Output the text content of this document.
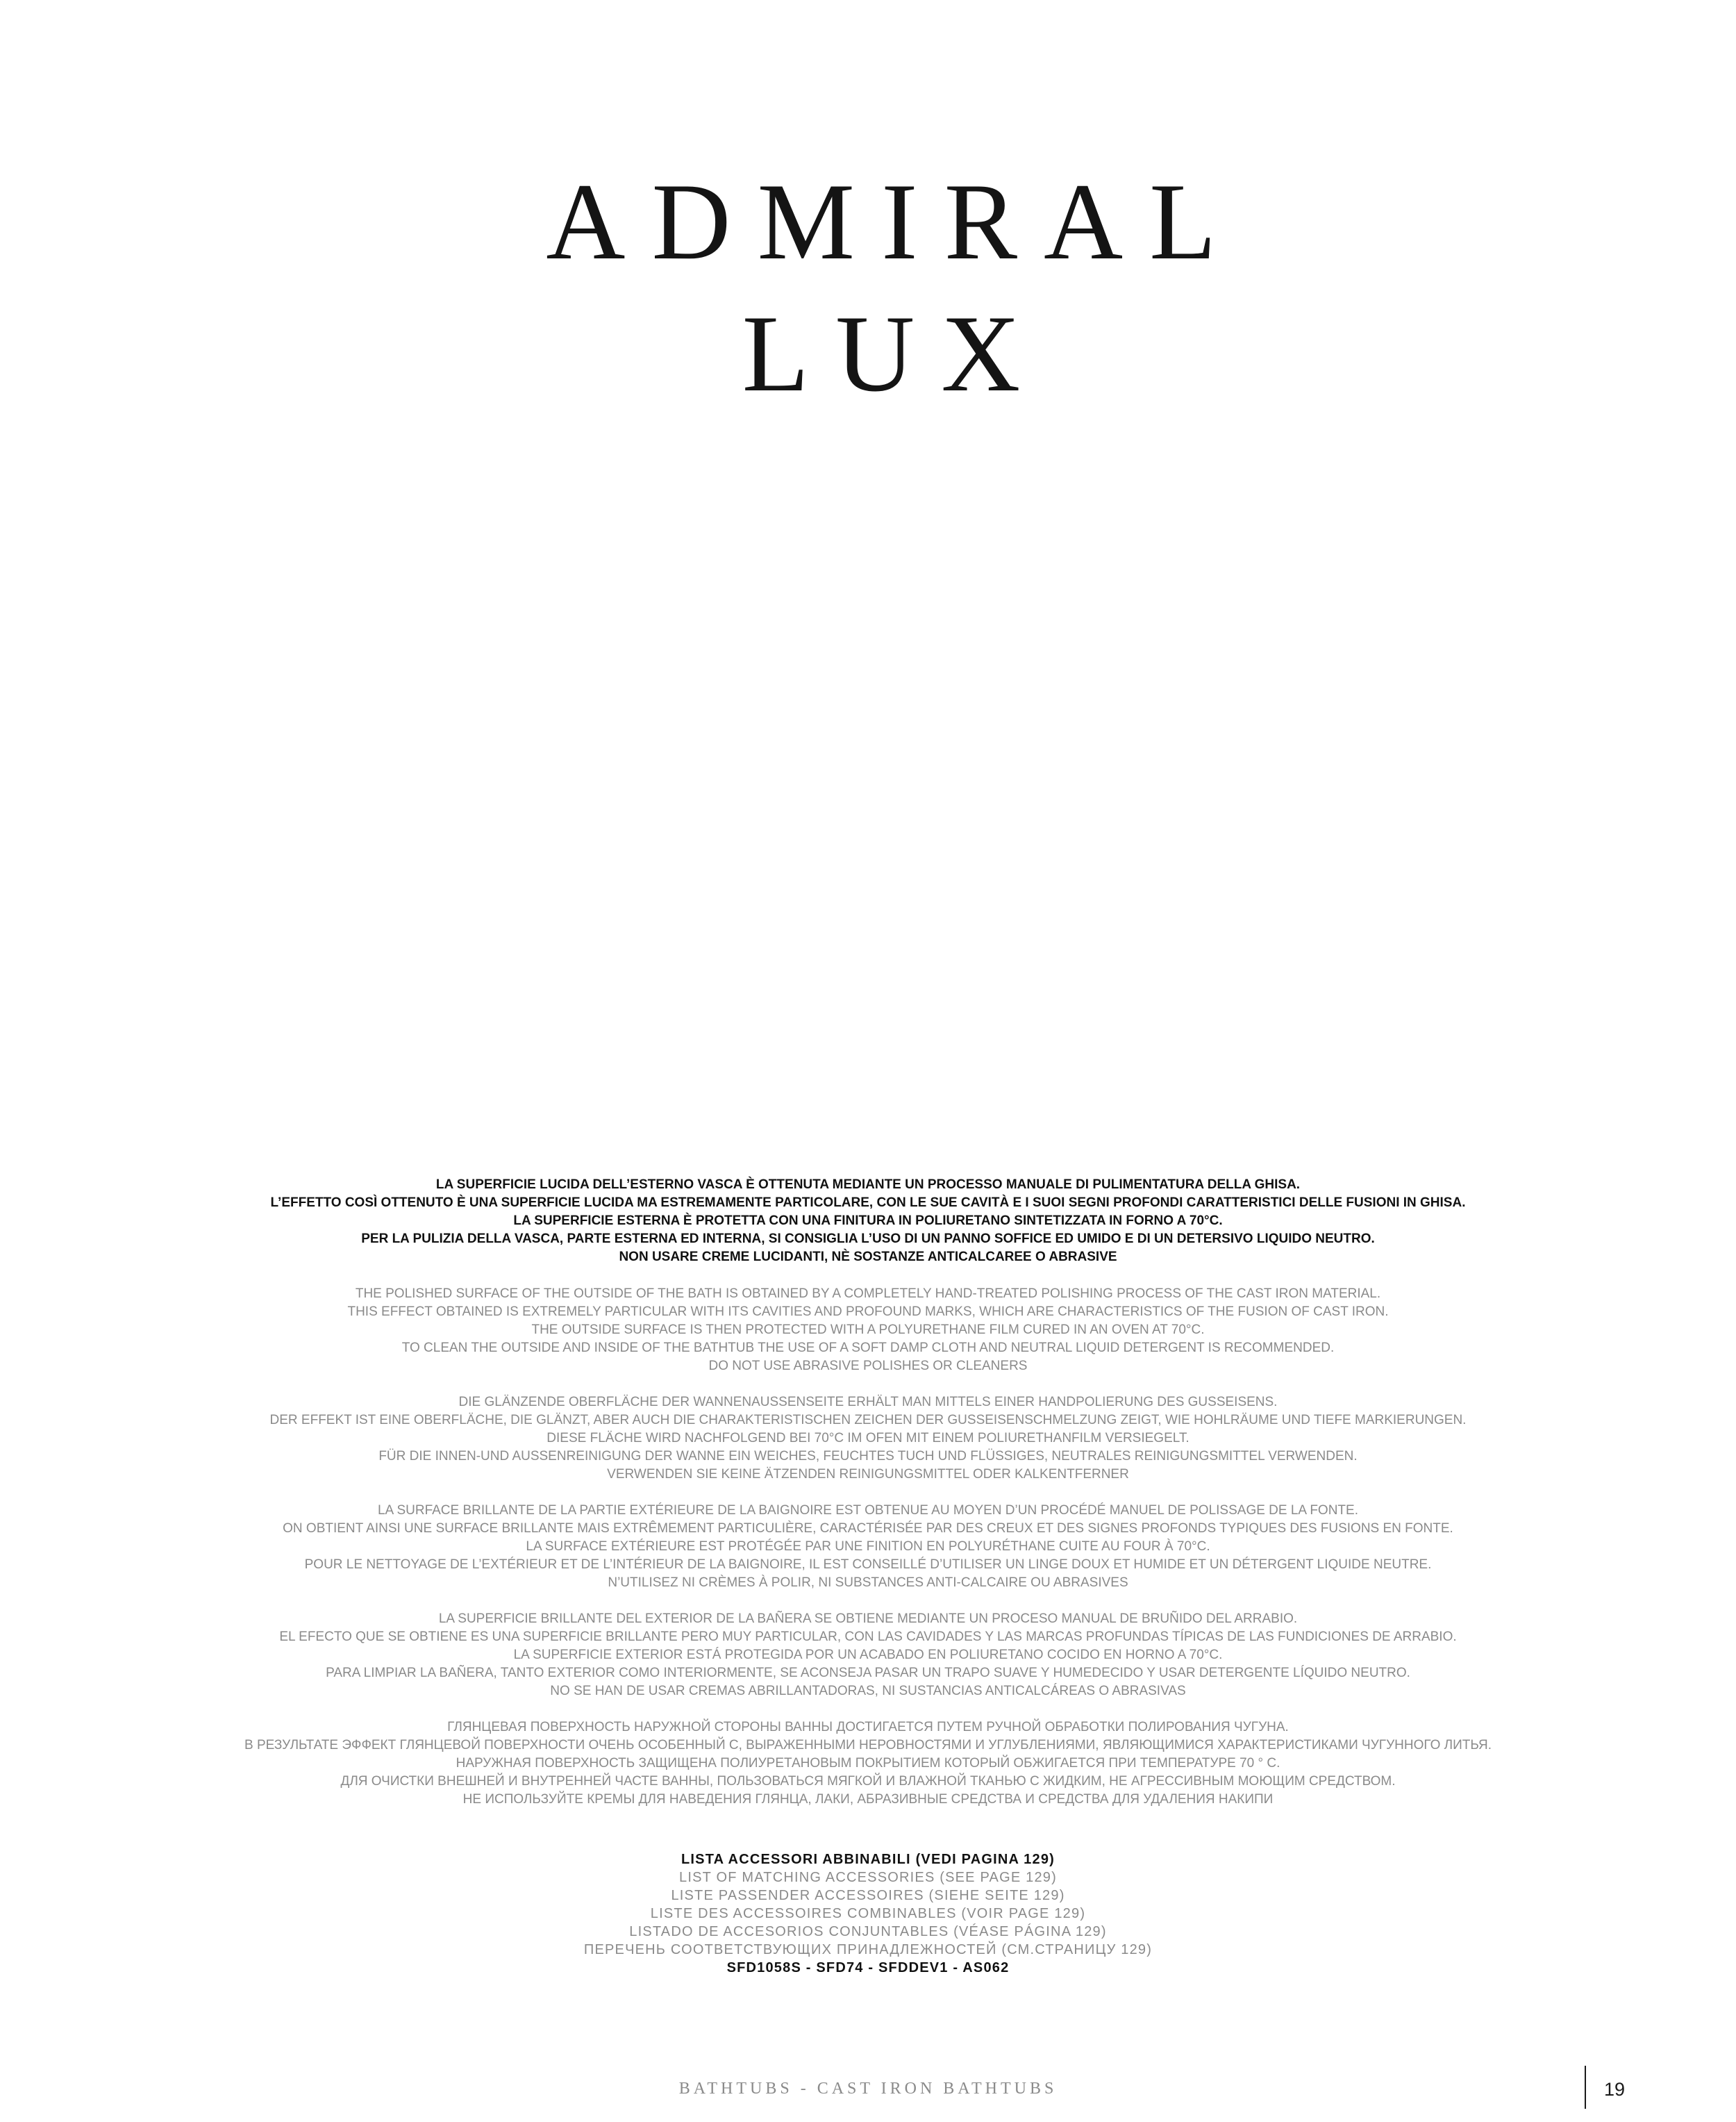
ADMIRAL
LUX
LA SUPERFICIE LUCIDA DELL’ESTERNO VASCA È OTTENUTA MEDIANTE UN PROCESSO MANUALE DI PULIMENTATURA DELLA GHISA.
L’EFFETTO COSÌ OTTENUTO È UNA SUPERFICIE LUCIDA MA ESTREMAMENTE PARTICOLARE, CON LE SUE CAVITÀ E I SUOI SEGNI PROFONDI CARATTERISTICI DELLE FUSIONI IN GHISA.
LA SUPERFICIE ESTERNA È PROTETTA CON UNA FINITURA IN POLIURETANO SINTETIZZATA IN FORNO A 70°C.
PER LA PULIZIA DELLA VASCA, PARTE ESTERNA ED INTERNA, SI CONSIGLIA L’USO DI UN PANNO SOFFICE ED UMIDO E DI UN DETERSIVO LIQUIDO NEUTRO.
NON USARE CREME LUCIDANTI, NÈ SOSTANZE ANTICALCAREE O ABRASIVE
THE POLISHED SURFACE OF THE OUTSIDE OF THE BATH IS OBTAINED BY A COMPLETELY HAND-TREATED POLISHING PROCESS OF THE CAST IRON MATERIAL.
THIS EFFECT OBTAINED IS EXTREMELY PARTICULAR WITH ITS CAVITIES AND PROFOUND MARKS, WHICH ARE CHARACTERISTICS OF THE FUSION OF CAST IRON.
THE OUTSIDE SURFACE IS THEN PROTECTED WITH A POLYURETHANE FILM CURED IN AN OVEN AT 70°C.
TO CLEAN THE OUTSIDE AND INSIDE OF THE BATHTUB THE USE OF A SOFT DAMP CLOTH AND NEUTRAL LIQUID DETERGENT IS RECOMMENDED.
DO NOT USE ABRASIVE POLISHES OR CLEANERS
DIE GLÄNZENDE OBERFLÄCHE DER WANNENAUSSENSEITE ERHÄLT MAN MITTELS EINER HANDPOLIERUNG DES GUSSEISENS.
DER EFFEKT IST EINE OBERFLÄCHE, DIE GLÄNZT, ABER AUCH DIE CHARAKTERISTISCHEN ZEICHEN DER GUSSEISENSCHMELZUNG ZEIGT, WIE HOHLRÄUME UND TIEFE MARKIERUNGEN.
DIESE FLÄCHE WIRD NACHFOLGEND BEI 70°C IM OFEN MIT EINEM POLIURETHANFILM VERSIEGELT.
FÜR DIE INNEN-UND AUSSENREINIGUNG DER WANNE EIN WEICHES, FEUCHTES TUCH UND FLÜSSIGES, NEUTRALES REINIGUNGSMITTEL VERWENDEN.
VERWENDEN SIE KEINE ÄTZENDEN REINIGUNGSMITTEL ODER KALKENTFERNER
LA SURFACE BRILLANTE DE LA PARTIE EXTÉRIEURE DE LA BAIGNOIRE EST OBTENUE AU MOYEN D’UN PROCÉDÉ MANUEL DE POLISSAGE DE LA FONTE.
ON OBTIENT AINSI UNE SURFACE BRILLANTE MAIS EXTRÊMEMENT PARTICULIÈRE, CARACTÉRISÉE PAR DES CREUX ET DES SIGNES PROFONDS TYPIQUES DES FUSIONS EN FONTE.
LA SURFACE EXTÉRIEURE EST PROTÉGÉE PAR UNE FINITION EN POLYURÉTHANE CUITE AU FOUR À 70°C.
POUR LE NETTOYAGE DE L’EXTÉRIEUR ET DE L’INTÉRIEUR DE LA BAIGNOIRE, IL EST CONSEILLÉ D’UTILISER UN LINGE DOUX ET HUMIDE ET UN DÉTERGENT LIQUIDE NEUTRE.
N’UTILISEZ NI CRÈMES À POLIR, NI SUBSTANCES ANTI-CALCAIRE OU ABRASIVES
LA SUPERFICIE BRILLANTE DEL EXTERIOR DE LA BAÑERA SE OBTIENE MEDIANTE UN PROCESO MANUAL DE BRUÑIDO DEL ARRABIO.
EL EFECTO QUE SE OBTIENE ES UNA SUPERFICIE BRILLANTE PERO MUY PARTICULAR, CON LAS CAVIDADES Y LAS MARCAS PROFUNDAS TÍPICAS DE LAS FUNDICIONES DE ARRABIO.
LA SUPERFICIE EXTERIOR ESTÁ PROTEGIDA POR UN ACABADO EN POLIURETANO COCIDO EN HORNO A 70°C.
PARA LIMPIAR LA BAÑERA, TANTO EXTERIOR COMO INTERIORMENTE, SE ACONSEJA PASAR UN TRAPO SUAVE Y HUMEDECIDO Y USAR DETERGENTE LÍQUIDO NEUTRO.
NO SE HAN DE USAR CREMAS ABRILLANTADORAS, NI SUSTANCIAS ANTICALCÁREAS O ABRASIVAS
ГЛЯНЦЕВАЯ ПОВЕРХНОСТЬ НАРУЖНОЙ СТОРОНЫ ВАННЫ ДОСТИГАЕТСЯ ПУТЕМ РУЧНОЙ ОБРАБОТКИ ПОЛИРОВАНИЯ ЧУГУНА.
В РЕЗУЛЬТАТЕ ЭФФЕКТ ГЛЯНЦЕВОЙ ПОВЕРХНОСТИ ОЧЕНЬ ОСОБЕННЫЙ С, ВЫРАЖЕННЫМИ НЕРОВНОСТЯМИ И УГЛУБЛЕНИЯМИ, ЯВЛЯЮЩИМИСЯ ХАРАКТЕРИСТИКАМИ ЧУГУННОГО ЛИТЬЯ.
НАРУЖНАЯ ПОВЕРХНОСТЬ ЗАЩИЩЕНА ПОЛИУРЕТАНОВЫМ ПОКРЫТИЕМ КОТОРЫЙ ОБЖИГАЕТСЯ ПРИ ТЕМПЕРАТУРЕ 70 ° С.
ДЛЯ ОЧИСТКИ ВНЕШНЕЙ И ВНУТРЕННЕЙ ЧАСТЕ ВАННЫ, ПОЛЬЗОВАТЬСЯ МЯГКОЙ И ВЛАЖНОЙ ТКАНЬЮ С ЖИДКИМ, НЕ АГРЕССИВНЫМ МОЮЩИМ СРЕДСТВОМ.
НЕ ИСПОЛЬЗУЙТЕ КРЕМЫ ДЛЯ НАВЕДЕНИЯ ГЛЯНЦА, ЛАКИ, АБРАЗИВНЫЕ СРЕДСТВА И СРЕДСТВА ДЛЯ УДАЛЕНИЯ НАКИПИ
LISTA ACCESSORI ABBINABILI (VEDI PAGINA 129)
LIST OF MATCHING ACCESSORIES (SEE PAGE 129)
LISTE PASSENDER ACCESSOIRES (SIEHE SEITE 129)
LISTE DES ACCESSOIRES COMBINABLES (VOIR PAGE 129)
LISTADO DE ACCESORIOS CONJUNTABLES (VÉASE PÁGINA 129)
ПЕРЕЧЕНЬ СООТВЕТСТВУЮЩИХ ПРИНАДЛЕЖНОСТЕЙ (СМ.СТРАНИЦУ 129)
SFD1058S - SFD74 - SFDDEV1 - AS062

BATHTUBS - CAST IRON BATHTUBS	19
